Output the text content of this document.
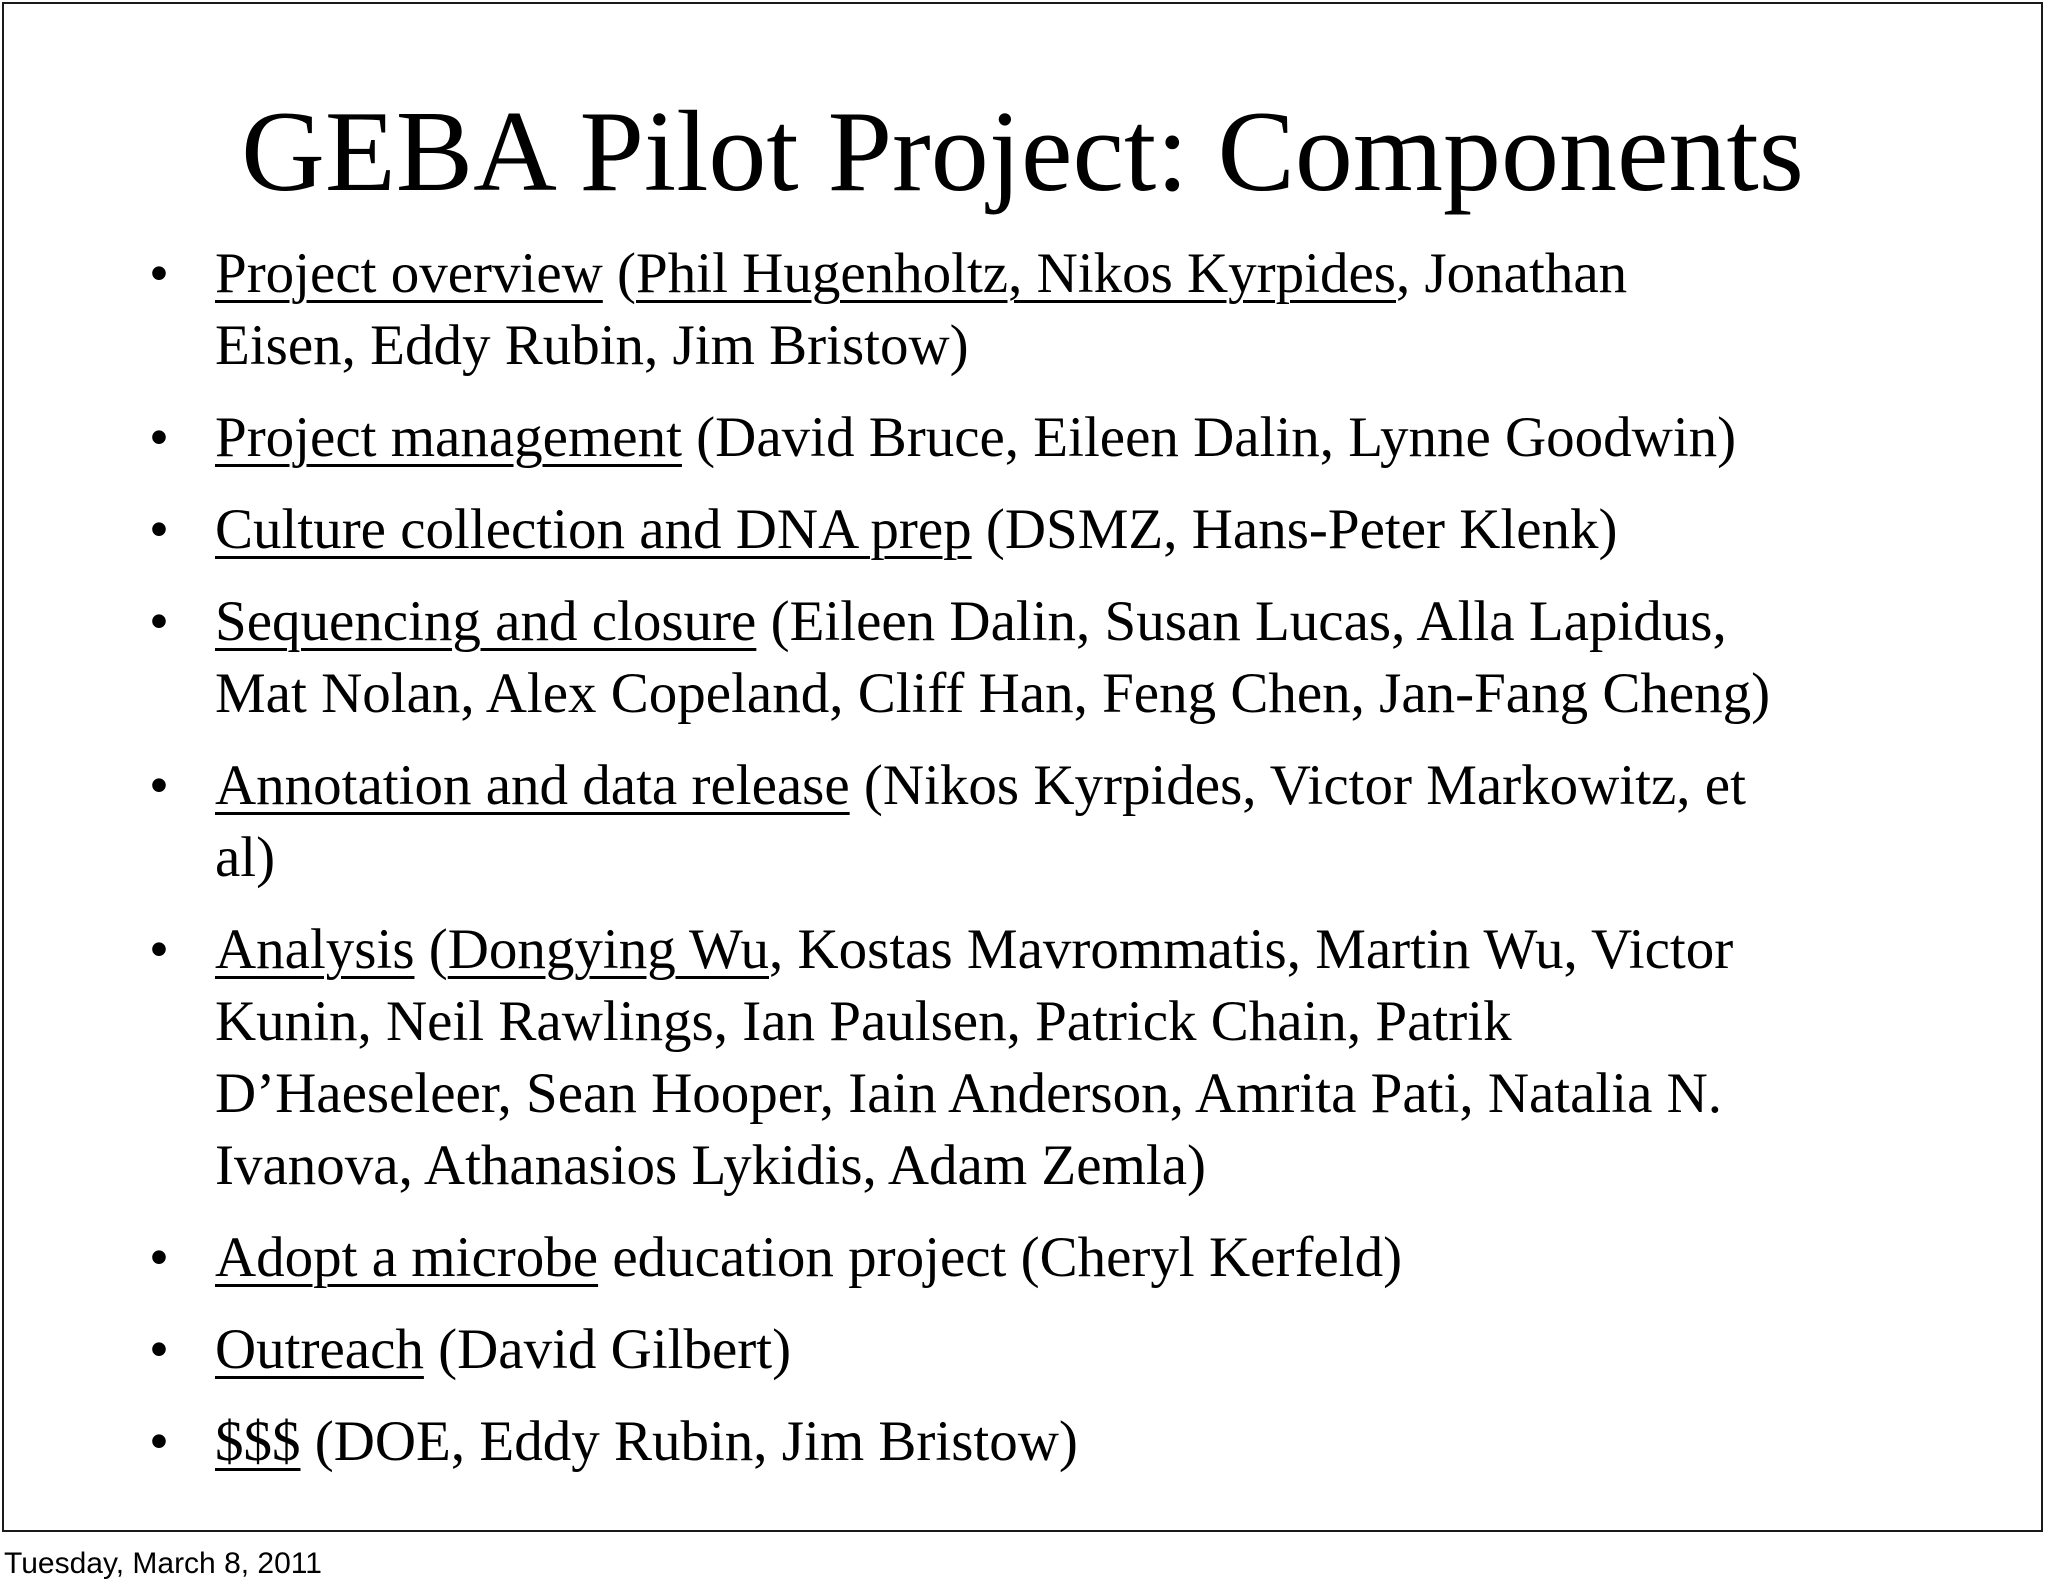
GEBA Pilot Project: Components
• Project overview (Phil Hugenholtz, Nikos Kyrpides, Jonathan
Eisen, Eddy Rubin, Jim Bristow)
• Project management (David Bruce, Eileen Dalin, Lynne Goodwin)
• Culture collection and DNA prep (DSMZ, Hans-Peter Klenk)
• Sequencing and closure (Eileen Dalin, Susan Lucas, Alla Lapidus,
Mat Nolan, Alex Copeland, Cliff Han, Feng Chen, Jan-Fang Cheng)
• Annotation and data release (Nikos Kyrpides, Victor Markowitz, et
al)
• Analysis (Dongying Wu, Kostas Mavrommatis, Martin Wu, Victor
Kunin, Neil Rawlings, Ian Paulsen, Patrick Chain, Patrik
D’Haeseleer, Sean Hooper, Iain Anderson, Amrita Pati, Natalia N.
Ivanova, Athanasios Lykidis, Adam Zemla)
• Adopt a microbe education project (Cheryl Kerfeld)
• Outreach (David Gilbert)
• $$$ (DOE, Eddy Rubin, Jim Bristow)
Tuesday, March 8, 2011
